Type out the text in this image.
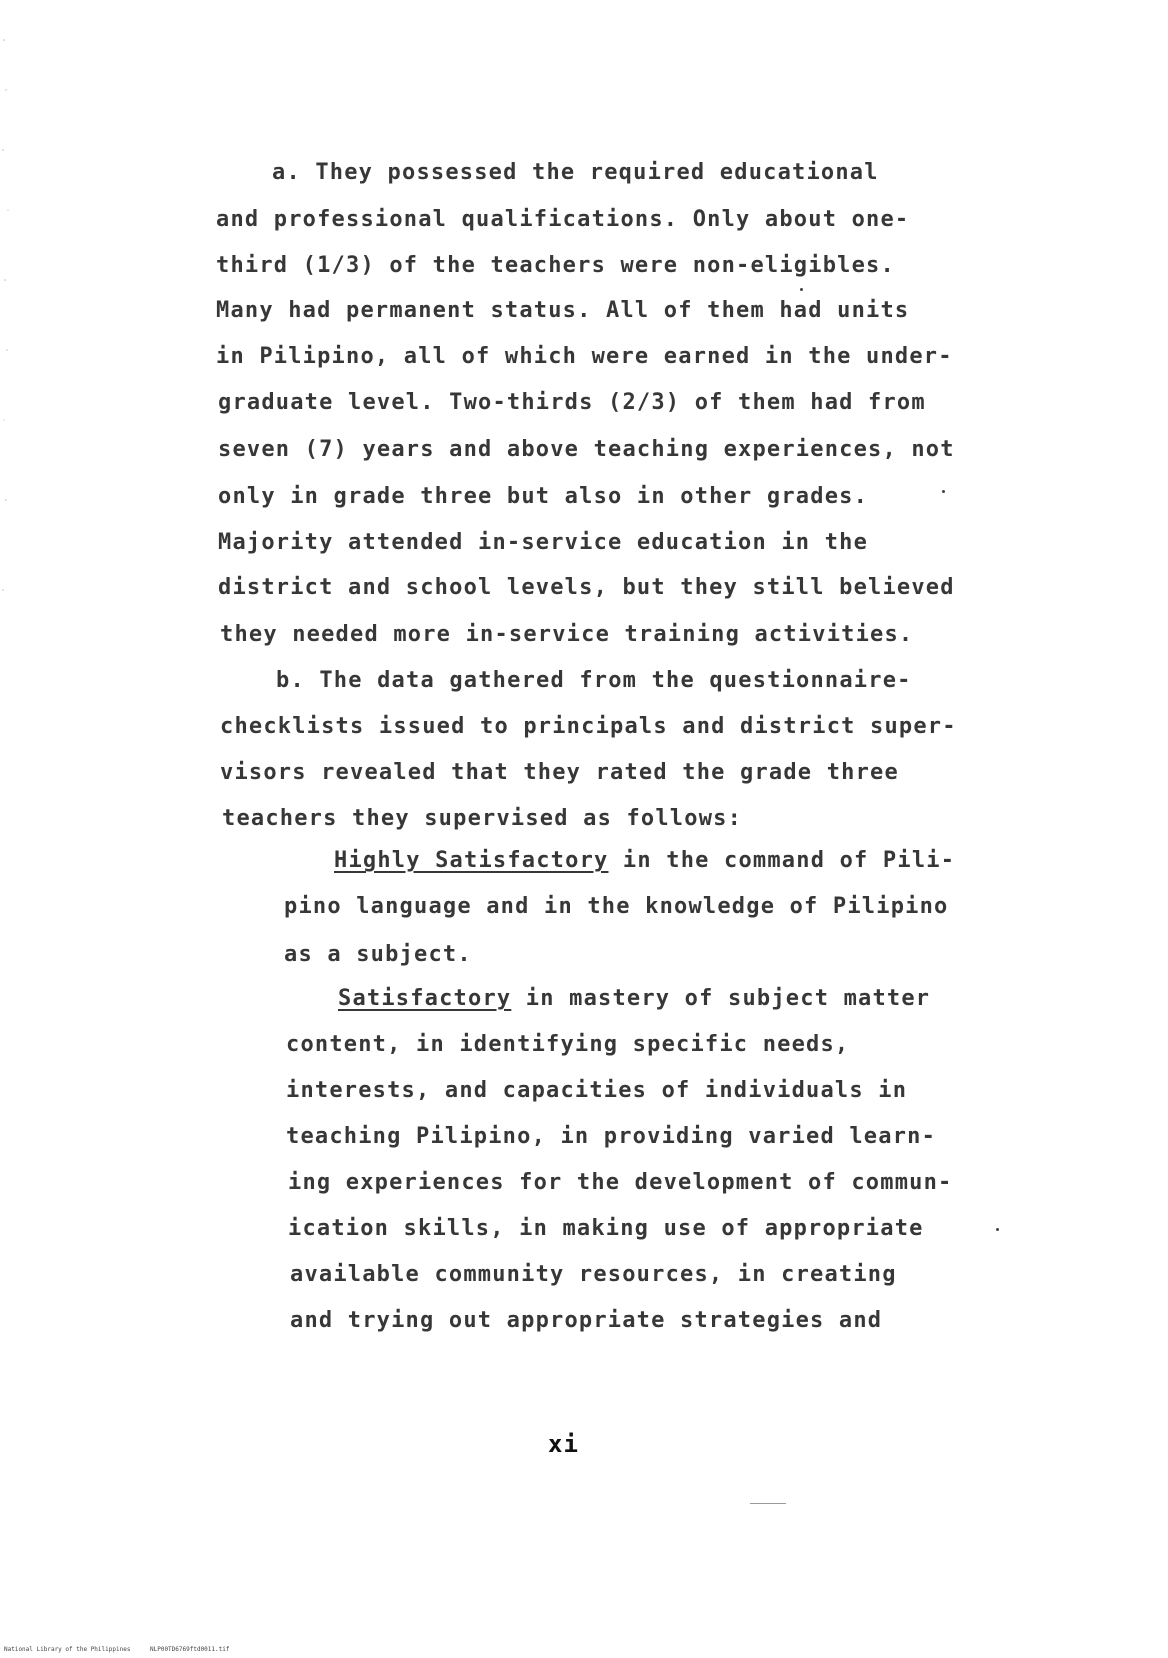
a. They possessed the required educational
and professional qualifications. Only about one-
third (1/3) of the teachers were non-eligibles.
Many had permanent status. All of them had units
in Pilipino, all of which were earned in the under-
graduate level. Two-thirds (2/3) of them had from
seven (7) years and above teaching experiences, not
only in grade three but also in other grades.
Majority attended in-service education in the
district and school levels, but they still believed
they needed more in-service training activities.
b. The data gathered from the questionnaire-
checklists issued to principals and district super-
visors revealed that they rated the grade three
teachers they supervised as follows:
Highly Satisfactory in the command of Pili-
pino language and in the knowledge of Pilipino
as a subject.
Satisfactory in mastery of subject matter
content, in identifying specific needs,
interests, and capacities of individuals in
teaching Pilipino, in providing varied learn-
ing experiences for the development of commun-
ication skills, in making use of appropriate
available community resources, in creating
and trying out appropriate strategies and
xi
National Library of the Philippines	NLP00TD6769ftd0011.tif
